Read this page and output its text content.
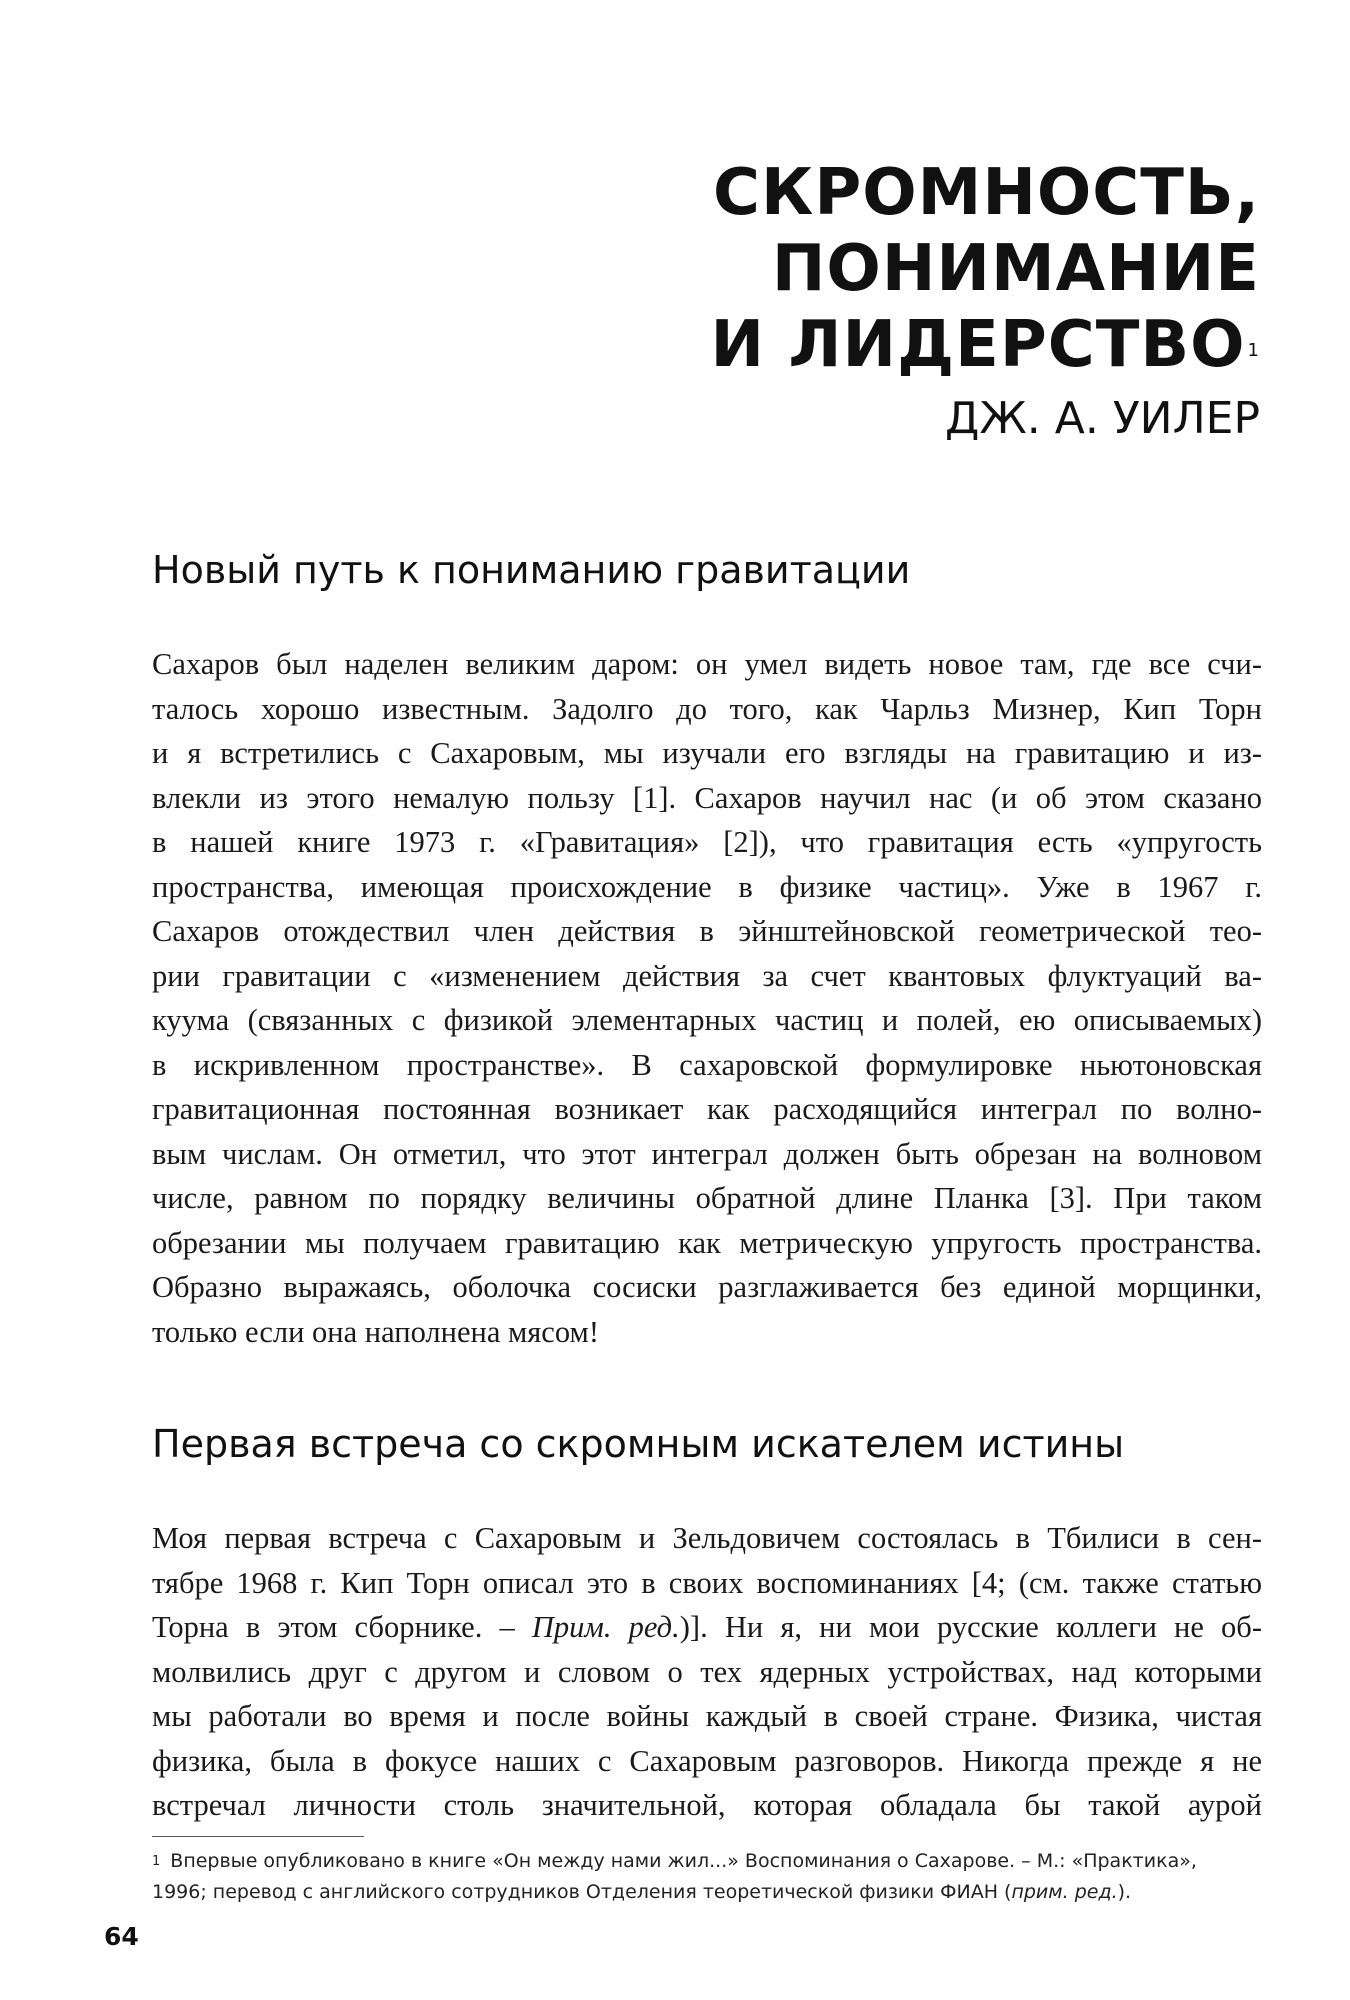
СКРОМНОСТЬ,
ПОНИМАНИЕ
И ЛИДЕРСТВО $^1$
ДЖ. А. УИЛЕР
Новый путь к пониманию гравитации
Сахаров был наделен великим даром: он умел видеть новое там, где все счи-
талось хорошо известным. Задолго до того, как Чарльз Мизнер, Кип Торн
и я встретились с Сахаровым, мы изучали его взгляды на гравитацию и из-
влекли из этого немалую пользу [1]. Сахаров научил нас (и об этом сказано
в нашей книге 1973 г. «Гравитация» [2]), что гравитация есть «упругость
пространства, имеющая происхождение в физике частиц». Уже в 1967 г.
Сахаров отождествил член действия в эйнштейновской геометрической тео-
рии гравитации с «изменением действия за счет квантовых флуктуаций ва-
куума (связанных с физикой элементарных частиц и полей, ею описываемых)
в искривленном пространстве». В сахаровской формулировке ньютоновская
гравитационная постоянная возникает как расходящийся интеграл по волно-
вым числам. Он отметил, что этот интеграл должен быть обрезан на волновом
числе, равном по порядку величины обратной длине Планка [3]. При таком
обрезании мы получаем гравитацию как метрическую упругость пространства.
Образно выражаясь, оболочка сосиски разглаживается без единой морщинки,
только если она наполнена мясом!
Первая встреча со скромным искателем истины
Моя первая встреча с Сахаровым и Зельдовичем состоялась в Тбилиси в сен-
тябре 1968 г. Кип Торн описал это в своих воспоминаниях [4; (см. также статью
Торна в этом сборнике. – Прим. ред.)]. Ни я, ни мои русские коллеги не об-
молвились друг с другом и словом о тех ядерных устройствах, над которыми
мы работали во время и после войны каждый в своей стране. Физика, чистая
физика, была в фокусе наших с Сахаровым разговоров. Никогда прежде я не
встречал личности столь значительной, которая обладала бы такой аурой
$^1$ Впервые опубликовано в книге «Он между нами жил...» Воспоминания о Сахарове. – М.: «Практика»,
1996; перевод с английского сотрудников Отделения теоретической физики ФИАН (прим. ред.).
64
